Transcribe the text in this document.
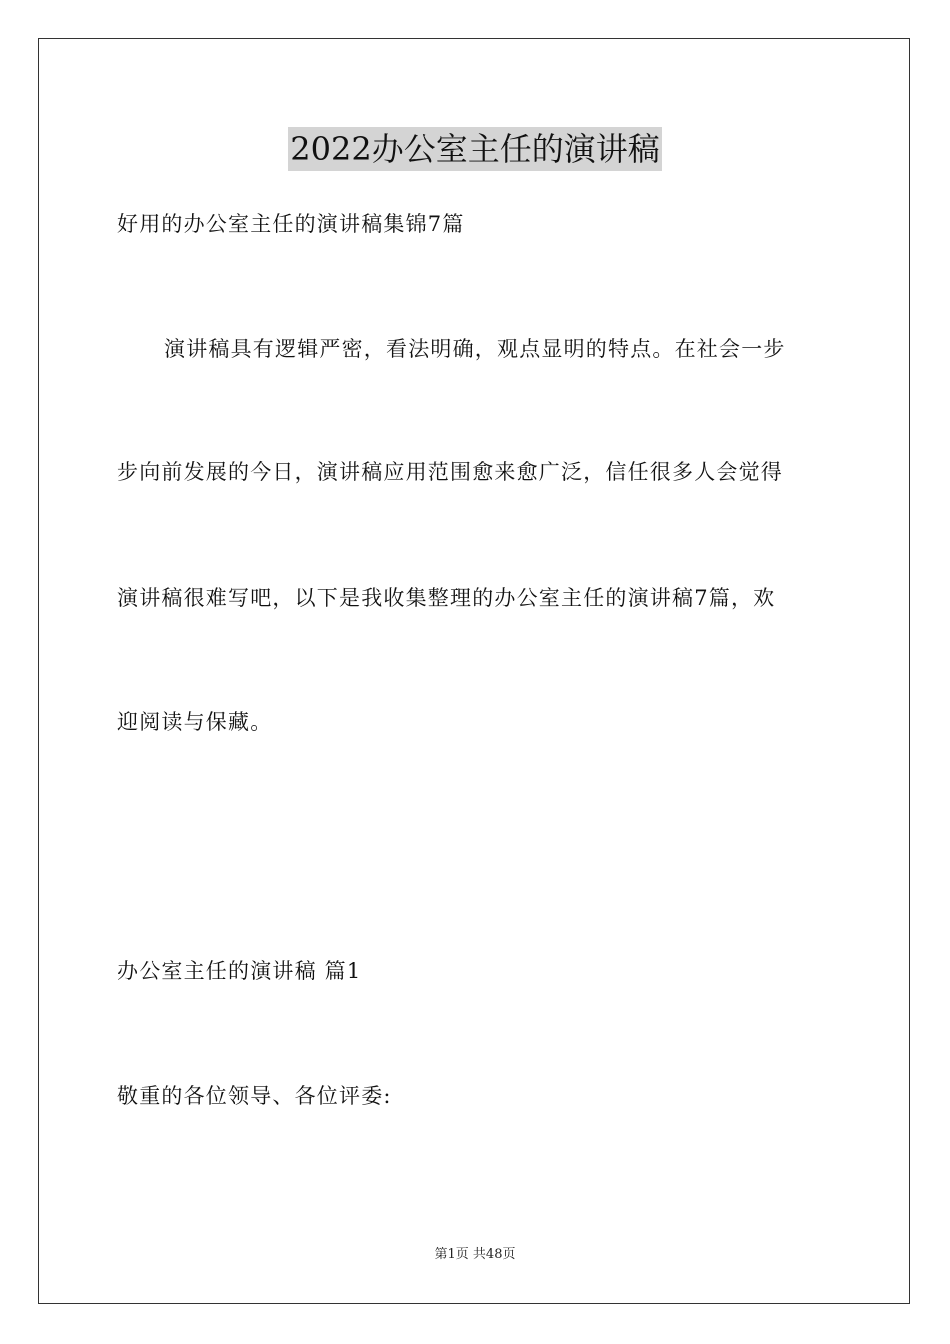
2022办公室主任的演讲稿
好用的办公室主任的演讲稿集锦7篇
演讲稿具有逻辑严密，看法明确，观点显明的特点。在社会一步
步向前发展的今日，演讲稿应用范围愈来愈广泛，信任很多人会觉得
演讲稿很难写吧，以下是我收集整理的办公室主任的演讲稿7篇，欢
迎阅读与保藏。
办公室主任的演讲稿 篇1
敬重的各位领导、各位评委:
第1页 共48页
